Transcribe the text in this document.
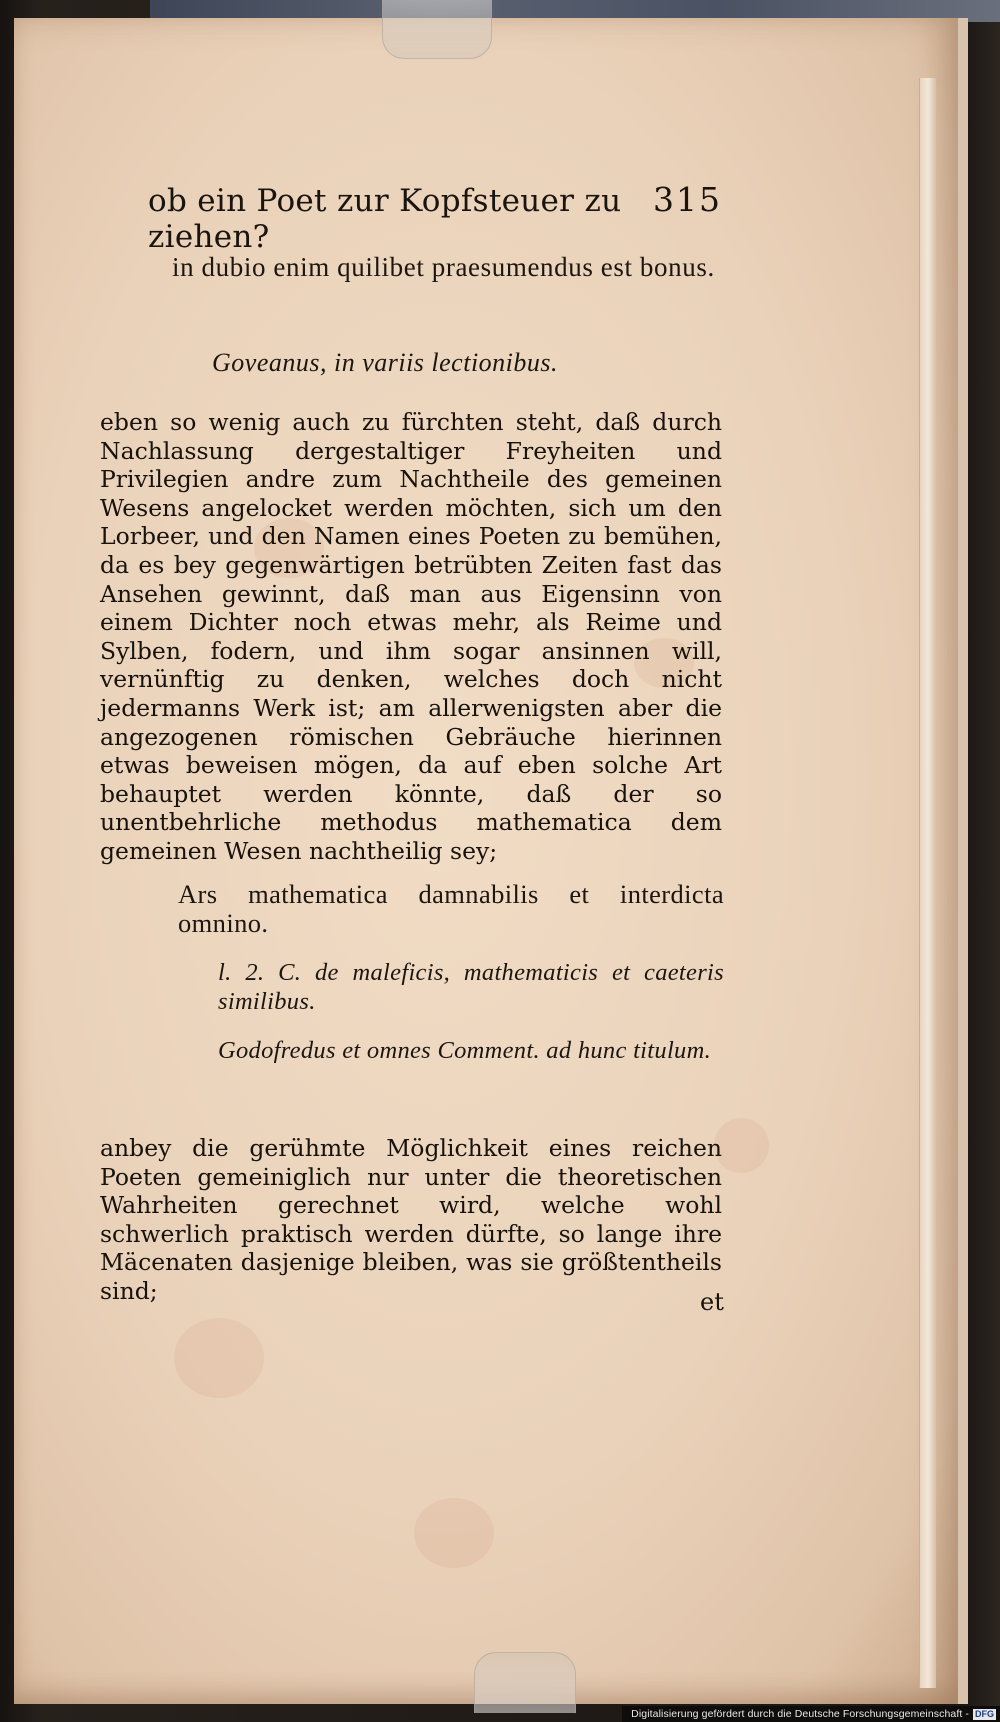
ob ein Poet zur Kopfsteuer zu ziehen?
315
in dubio enim quilibet praesumendus est bonus.
Goveanus, in variis lectionibus.
eben so wenig auch zu fürchten steht, daß durch Nachlassung dergestaltiger Freyheiten und Privilegien andre zum Nachtheile des gemeinen Wesens angelocket werden möchten, sich um den Lorbeer, und den Namen eines Poeten zu bemühen, da es bey gegenwärtigen betrübten Zeiten fast das Ansehen gewinnt, daß man aus Eigensinn von einem Dichter noch etwas mehr, als Reime und Sylben, fodern, und ihm sogar ansinnen will, vernünftig zu denken, welches doch nicht jedermanns Werk ist; am allerwenigsten aber die angezogenen römischen Gebräuche hierinnen etwas beweisen mögen, da auf eben solche Art behauptet werden könnte, daß der so unentbehrliche methodus mathematica dem gemeinen Wesen nachtheilig sey;
Ars mathematica damnabilis et interdicta omnino.
l. 2. C. de maleficis, mathematicis et caeteris similibus.
Godofredus et omnes Comment. ad hunc titulum.
anbey die gerühmte Möglichkeit eines reichen Poeten gemeiniglich nur unter die theoretischen Wahrheiten gerechnet wird, welche wohl schwerlich praktisch werden dürfte, so lange ihre Mäcenaten dasjenige bleiben, was sie größtentheils sind;	et
Digitalisierung gefördert durch die Deutsche Forschungsgemeinschaft - DFG
